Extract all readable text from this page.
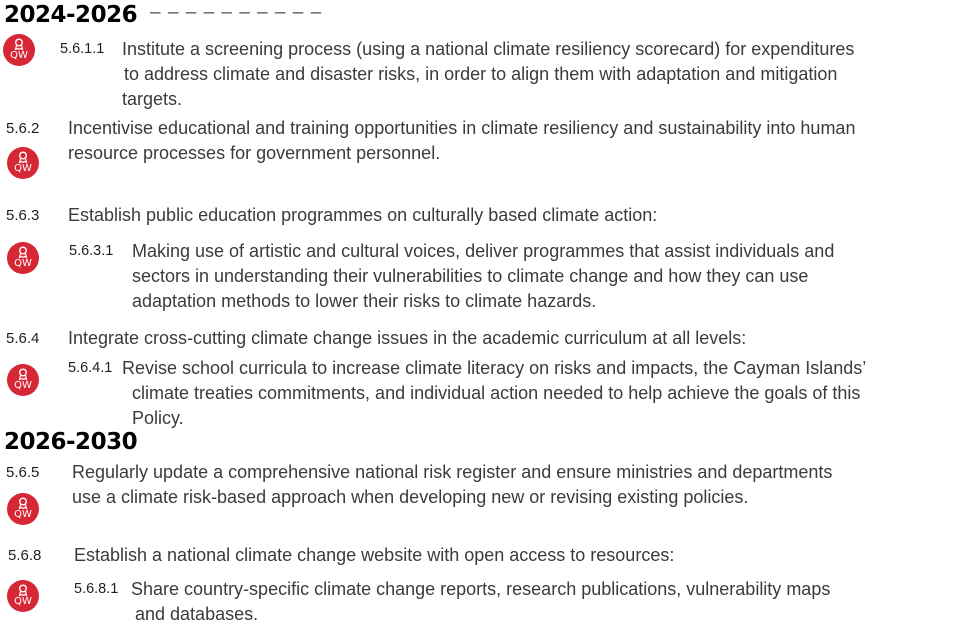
2024-2026
2026-2030
– – – – – – – – – –
QW
QW
QW
QW
QW
QW
5.6.1.1 Institute a screening process (using a national climate resiliency scorecard) for expenditures
to address climate and disaster risks, in order to align them with adaptation and mitigation
targets.
5.6.2 Incentivise educational and training opportunities in climate resiliency and sustainability into human
resource processes for government personnel.
5.6.3 Establish public education programmes on culturally based climate action:
5.6.3.1 Making use of artistic and cultural voices, deliver programmes that assist individuals and
sectors in understanding their vulnerabilities to climate change and how they can use
adaptation methods to lower their risks to climate hazards.
5.6.4 Integrate cross-cutting climate change issues in the academic curriculum at all levels:
5.6.4.1 Revise school curricula to increase climate literacy on risks and impacts, the Cayman Islands’
climate treaties commitments, and individual action needed to help achieve the goals of this
Policy.
5.6.5 Regularly update a comprehensive national risk register and ensure ministries and departments
use a climate risk-based approach when developing new or revising existing policies.
5.6.8 Establish a national climate change website with open access to resources:
5.6.8.1 Share country-specific climate change reports, research publications, vulnerability maps
and databases.
